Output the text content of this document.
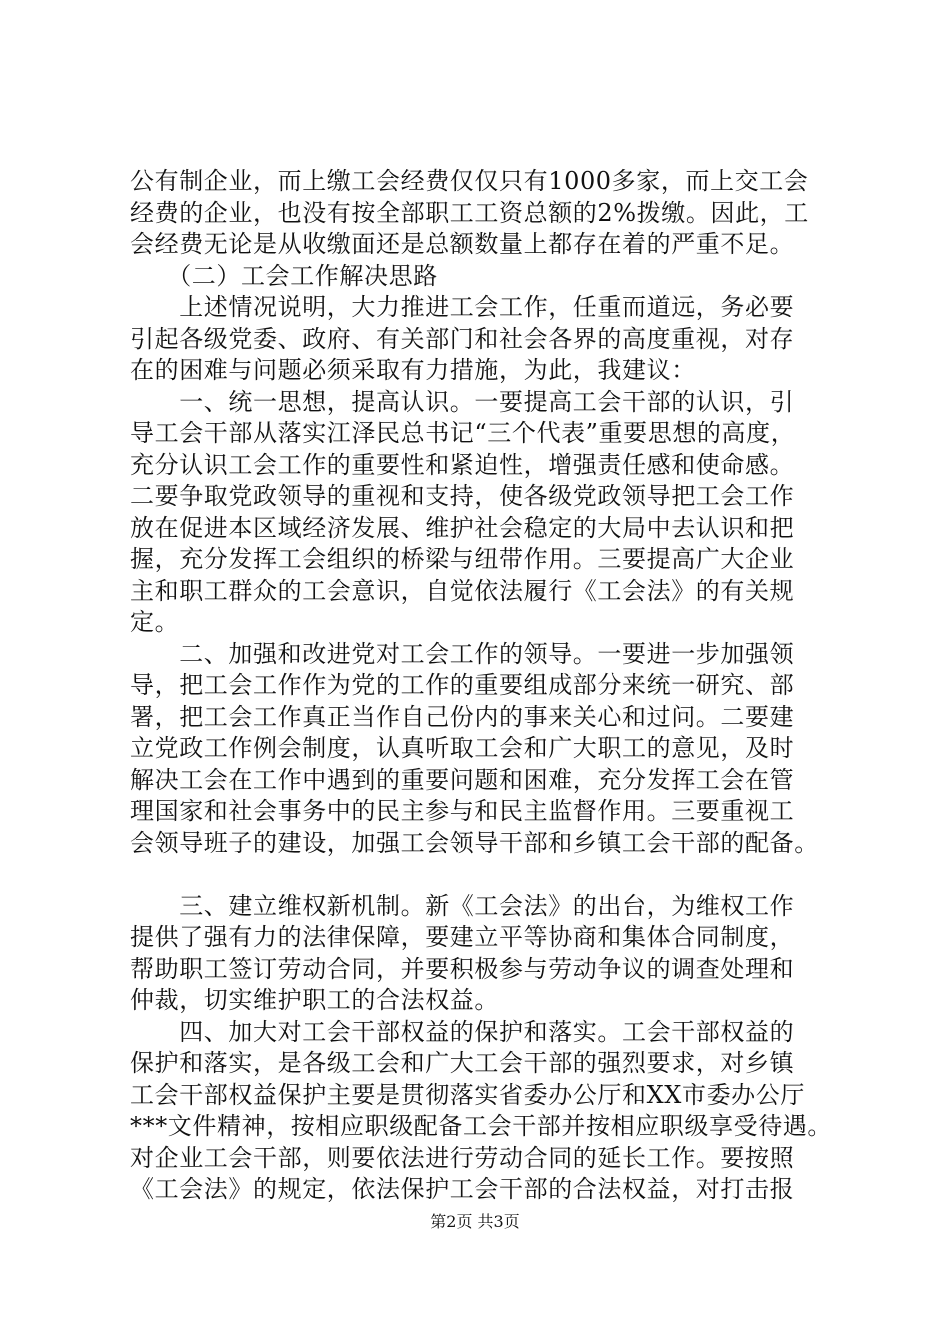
公有制企业，而上缴工会经费仅仅只有1000多家，而上交工会
经费的企业，也没有按全部职工工资总额的2%拨缴。因此，工
会经费无论是从收缴面还是总额数量上都存在着的严重不足。
　　（二）工会工作解决思路
　　上述情况说明，大力推进工会工作，任重而道远，务必要
引起各级党委、政府、有关部门和社会各界的高度重视，对存
在的困难与问题必须采取有力措施，为此，我建议：
　　一、统一思想，提高认识。一要提高工会干部的认识，引
导工会干部从落实江泽民总书记“三个代表”重要思想的高度，
充分认识工会工作的重要性和紧迫性，增强责任感和使命感。
二要争取党政领导的重视和支持，使各级党政领导把工会工作
放在促进本区域经济发展、维护社会稳定的大局中去认识和把
握，充分发挥工会组织的桥梁与纽带作用。三要提高广大企业
主和职工群众的工会意识，自觉依法履行《工会法》的有关规
定。
　　二、加强和改进党对工会工作的领导。一要进一步加强领
导，把工会工作作为党的工作的重要组成部分来统一研究、部
署，把工会工作真正当作自己份内的事来关心和过问。二要建
立党政工作例会制度，认真听取工会和广大职工的意见，及时
解决工会在工作中遇到的重要问题和困难，充分发挥工会在管
理国家和社会事务中的民主参与和民主监督作用。三要重视工
会领导班子的建设，加强工会领导干部和乡镇工会干部的配备。
　　三、建立维权新机制。新《工会法》的出台，为维权工作
提供了强有力的法律保障，要建立平等协商和集体合同制度，
帮助职工签订劳动合同，并要积极参与劳动争议的调查处理和
仲裁，切实维护职工的合法权益。
　　四、加大对工会干部权益的保护和落实。工会干部权益的
保护和落实，是各级工会和广大工会干部的强烈要求，对乡镇
工会干部权益保护主要是贯彻落实省委办公厅和XX市委办公厅
***文件精神，按相应职级配备工会干部并按相应职级享受待遇。
对企业工会干部，则要依法进行劳动合同的延长工作。要按照
《工会法》的规定，依法保护工会干部的合法权益，对打击报
第2页 共3页
